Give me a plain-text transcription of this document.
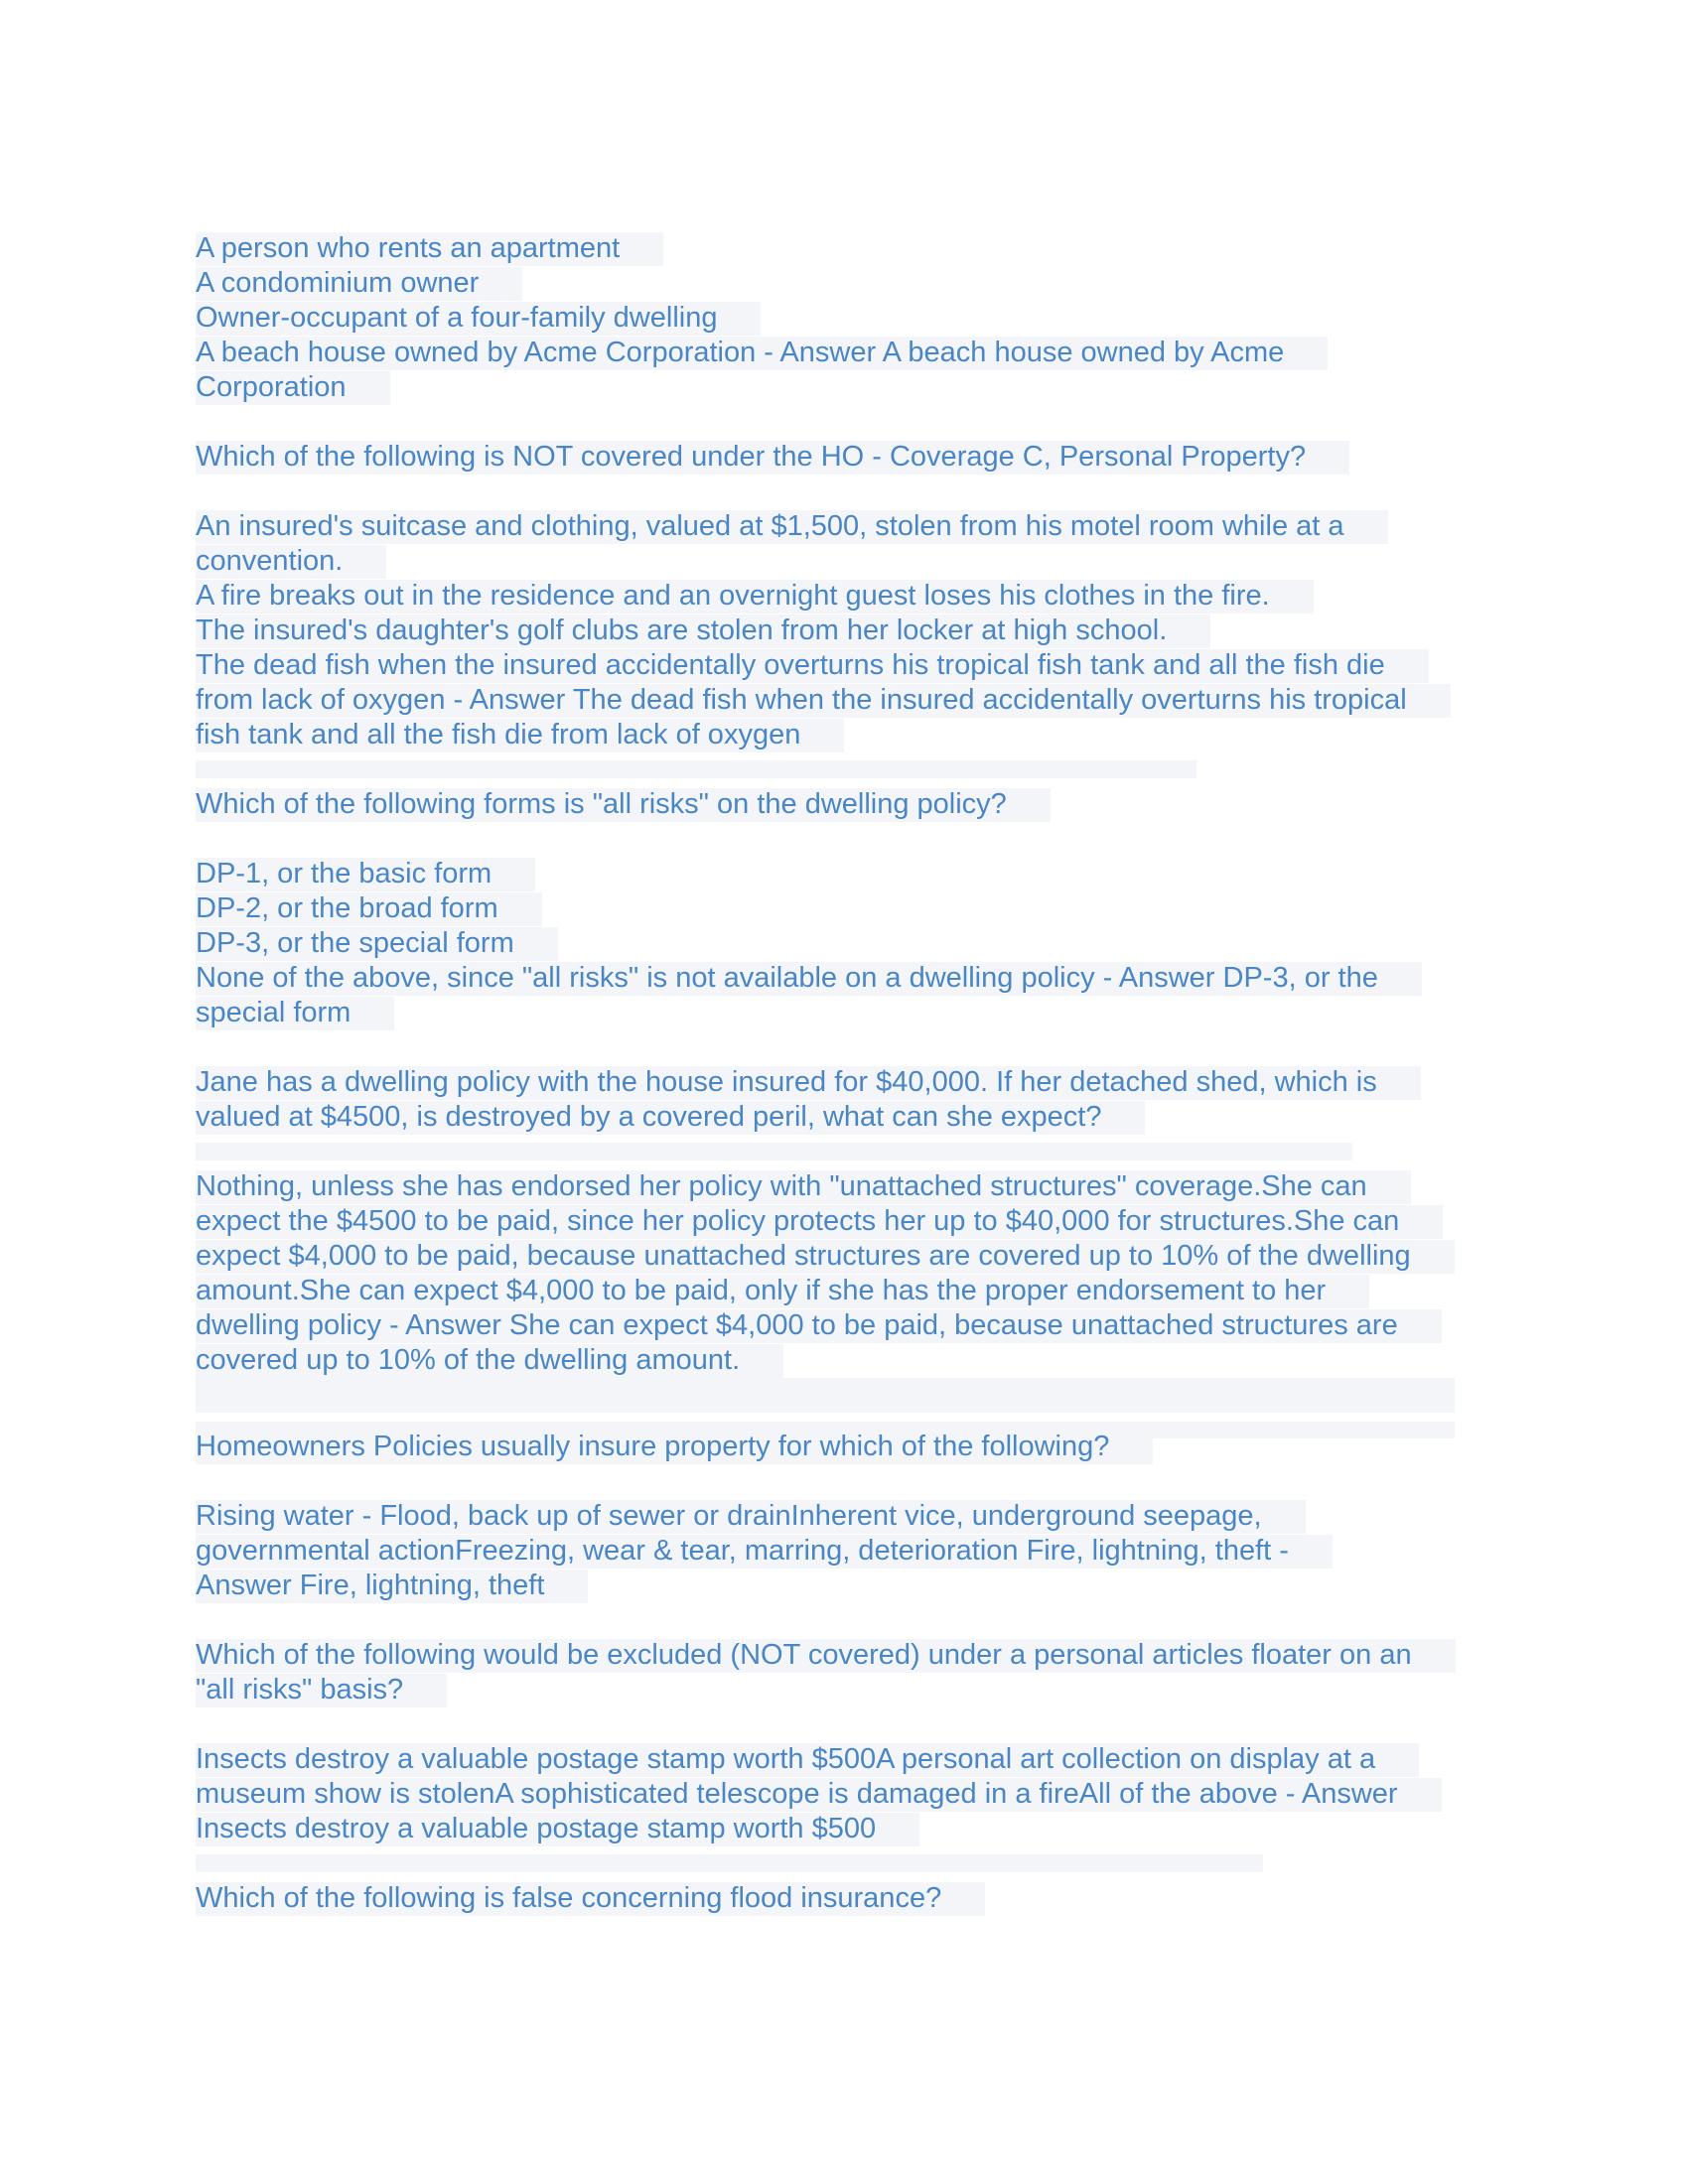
A person who rents an apartment
A condominium owner
Owner-occupant of a four-family dwelling
A beach house owned by Acme Corporation - Answer A beach house owned by Acme
Corporation
Which of the following is NOT covered under the HO - Coverage C, Personal Property?
An insured's suitcase and clothing, valued at $1,500, stolen from his motel room while at a
convention.
A fire breaks out in the residence and an overnight guest loses his clothes in the fire.
The insured's daughter's golf clubs are stolen from her locker at high school.
The dead fish when the insured accidentally overturns his tropical fish tank and all the fish die
from lack of oxygen - Answer The dead fish when the insured accidentally overturns his tropical
fish tank and all the fish die from lack of oxygen
Which of the following forms is "all risks" on the dwelling policy?
DP-1, or the basic form
DP-2, or the broad form
DP-3, or the special form
None of the above, since "all risks" is not available on a dwelling policy - Answer DP-3, or the
special form
Jane has a dwelling policy with the house insured for $40,000. If her detached shed, which is
valued at $4500, is destroyed by a covered peril, what can she expect?
Nothing, unless she has endorsed her policy with "unattached structures" coverage.She can
expect the $4500 to be paid, since her policy protects her up to $40,000 for structures.She can
expect $4,000 to be paid, because unattached structures are covered up to 10% of the dwelling
amount.She can expect $4,000 to be paid, only if she has the proper endorsement to her
dwelling policy - Answer She can expect $4,000 to be paid, because unattached structures are
covered up to 10% of the dwelling amount.
Homeowners Policies usually insure property for which of the following?
Rising water - Flood, back up of sewer or drainInherent vice, underground seepage,
governmental actionFreezing, wear & tear, marring, deterioration Fire, lightning, theft -
Answer Fire, lightning, theft
Which of the following would be excluded (NOT covered) under a personal articles floater on an
"all risks" basis?
Insects destroy a valuable postage stamp worth $500A personal art collection on display at a
museum show is stolenA sophisticated telescope is damaged in a fireAll of the above - Answer
Insects destroy a valuable postage stamp worth $500
Which of the following is false concerning flood insurance?
